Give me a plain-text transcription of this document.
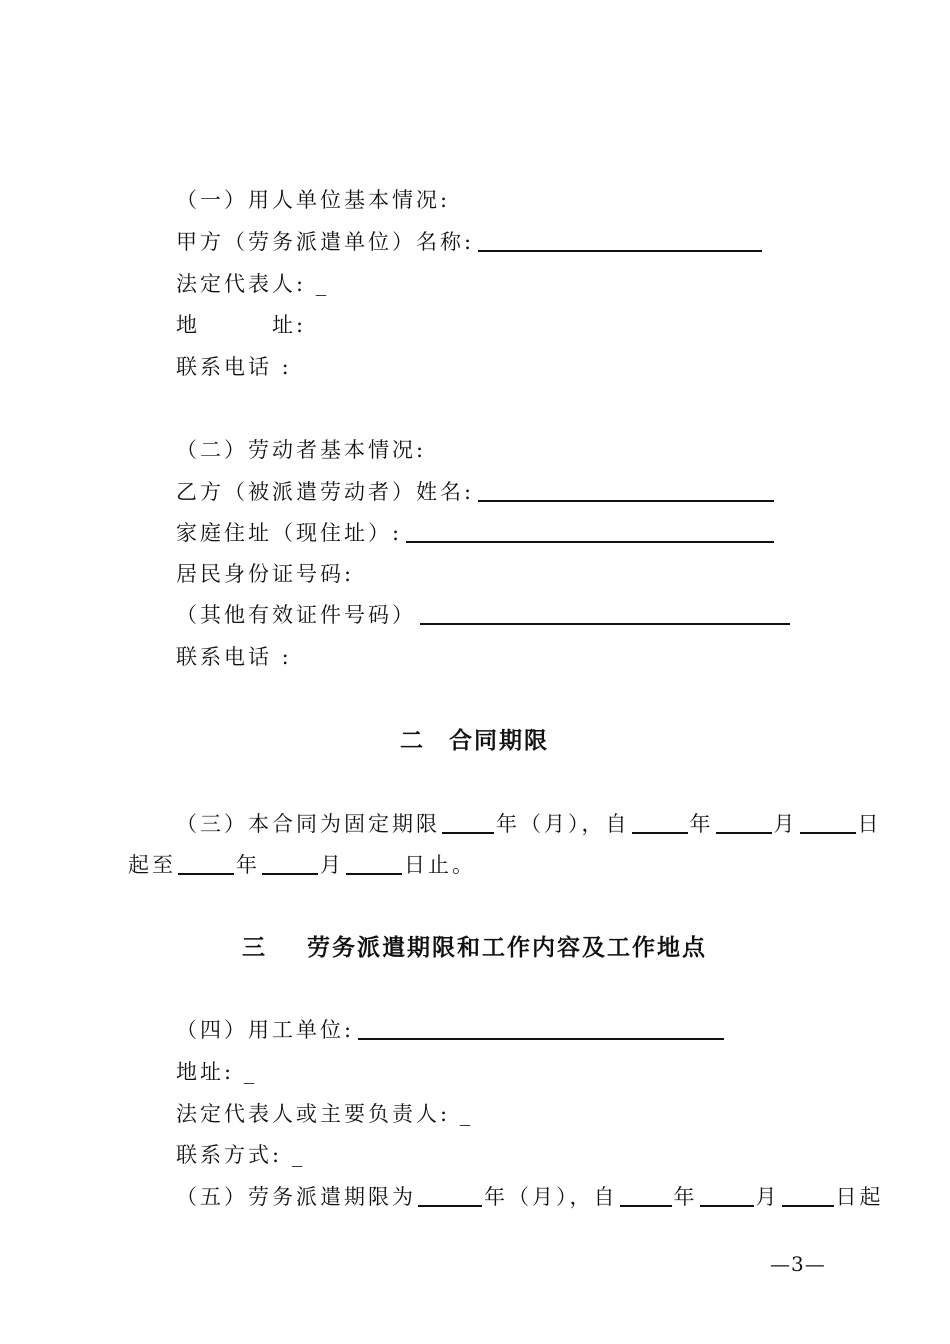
（一）用人单位基本情况:
甲方（劳务派遣单位）名称:
法定代表人: _
地	址:
联系电话 :
（二）劳动者基本情况:
乙方（被派遣劳动者）姓名:
家庭住址（现住址）:
居民身份证号码:
（其他有效证件号码）
联系电话 :
二 合同期限
（三）本合同为固定期限	年（月），自	年	月	日
起至	年	月	日止。
三 劳务派遣期限和工作内容及工作地点
（四）用工单位:
地址: _
法定代表人或主要负责人: _
联系方式: _
（五）劳务派遣期限为	年（月），自	年	月	日起
—3—
